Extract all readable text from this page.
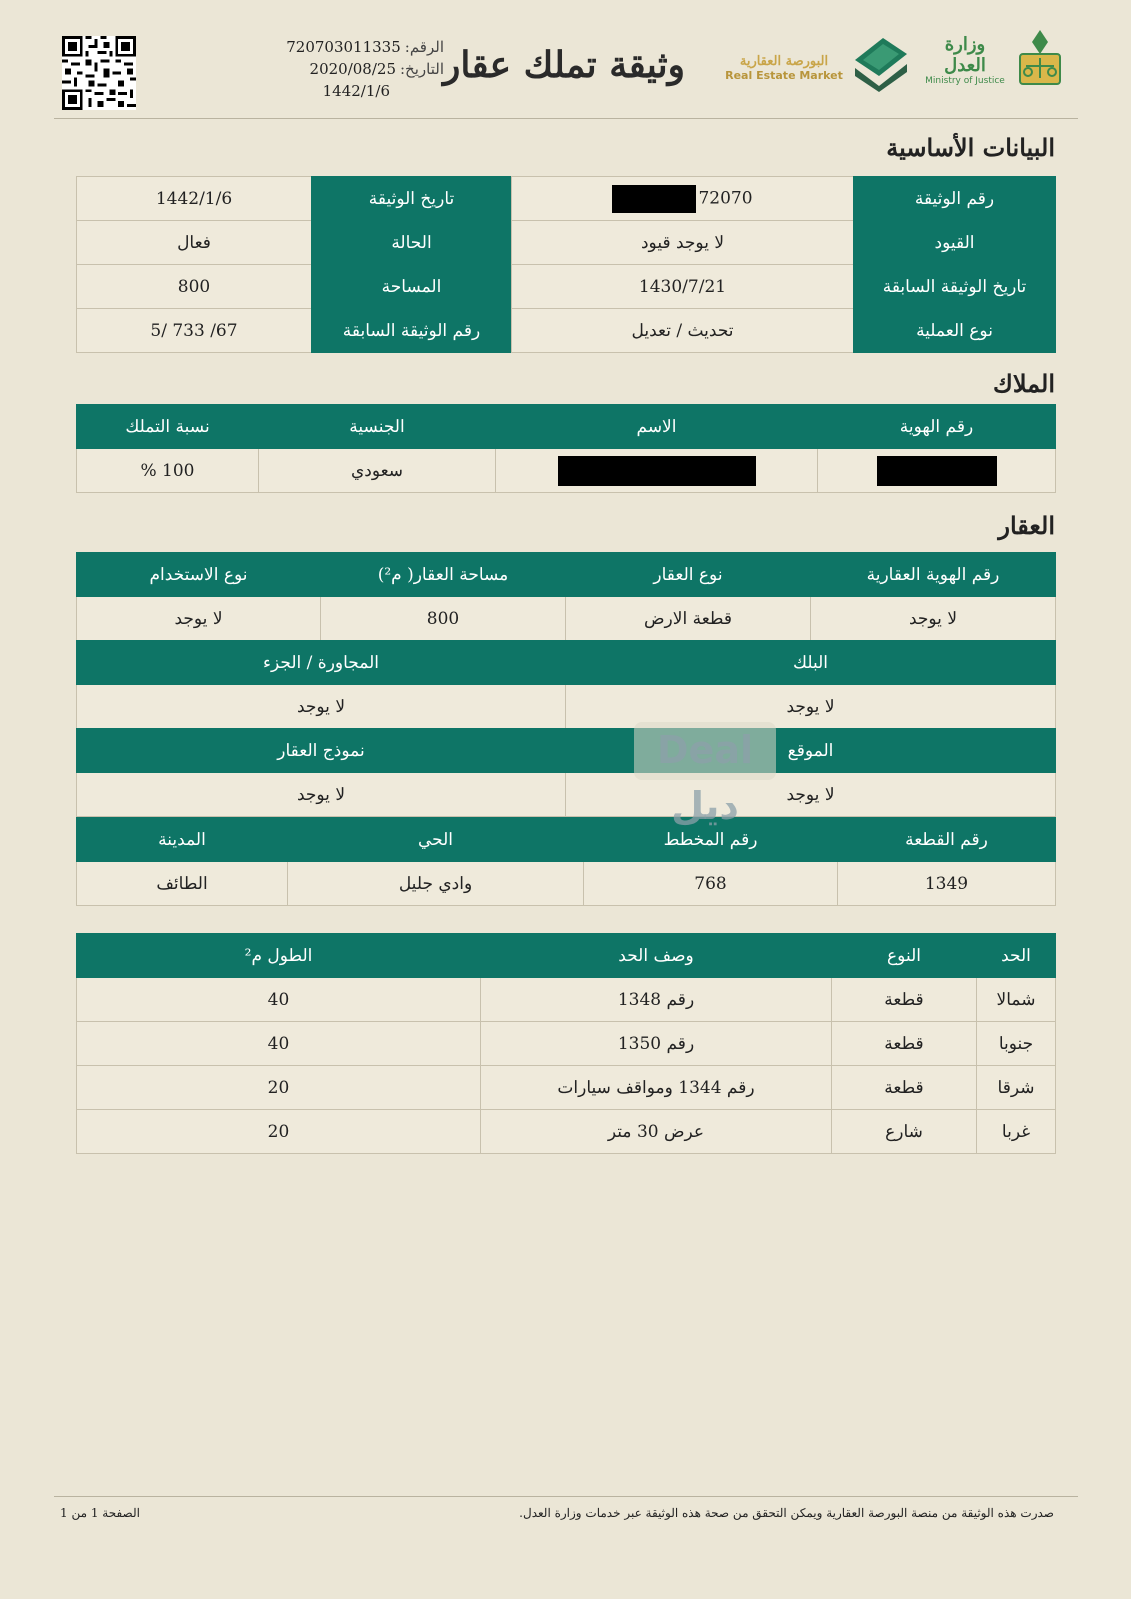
الرقم:720703011335
التاريخ:2020/08/25
1442/1/6
وثيقة تملك عقار	البورصة العقارية
Real Estate Market
وزارة العدل
Ministry of Justice
البيانات الأساسية
رقم الوثيقة	72070	تاريخ الوثيقة	1442/1/6
القيود	لا يوجد قيود	الحالة	فعال
تاريخ الوثيقة السابقة	1430/7/21	المساحة	800
نوع العملية	تحديث / تعديل	رقم الوثيقة السابقة	5/ 733 /67
الملاك
رقم الهوية	الاسم	الجنسية	نسبة التملك
		سعودي	100 %
العقار
رقم الهوية العقارية	نوع العقار	مساحة العقار( م²)	نوع الاستخدام
لا يوجد	قطعة الارض	800	لا يوجد
البلك	المجاورة / الجزء
لا يوجد	لا يوجد
الموقع	نموذج العقار
لا يوجد	لا يوجد
رقم القطعة	رقم المخطط	الحي	المدينة
1349	768	وادي جليل	الطائف
الحد	النوع	وصف الحد	الطول م²
شمالا	قطعة	رقم 1348	40
جنوبا	قطعة	رقم 1350	40
شرقا	قطعة	رقم 1344 ومواقف سيارات	20
غربا	شارع	عرض 30 متر	20
Deal ديل
صدرت هذه الوثيقة من منصة البورصة العقارية ويمكن التحقق من صحة هذه الوثيقة عبر خدمات وزارة العدل.
الصفحة 1 من 1
